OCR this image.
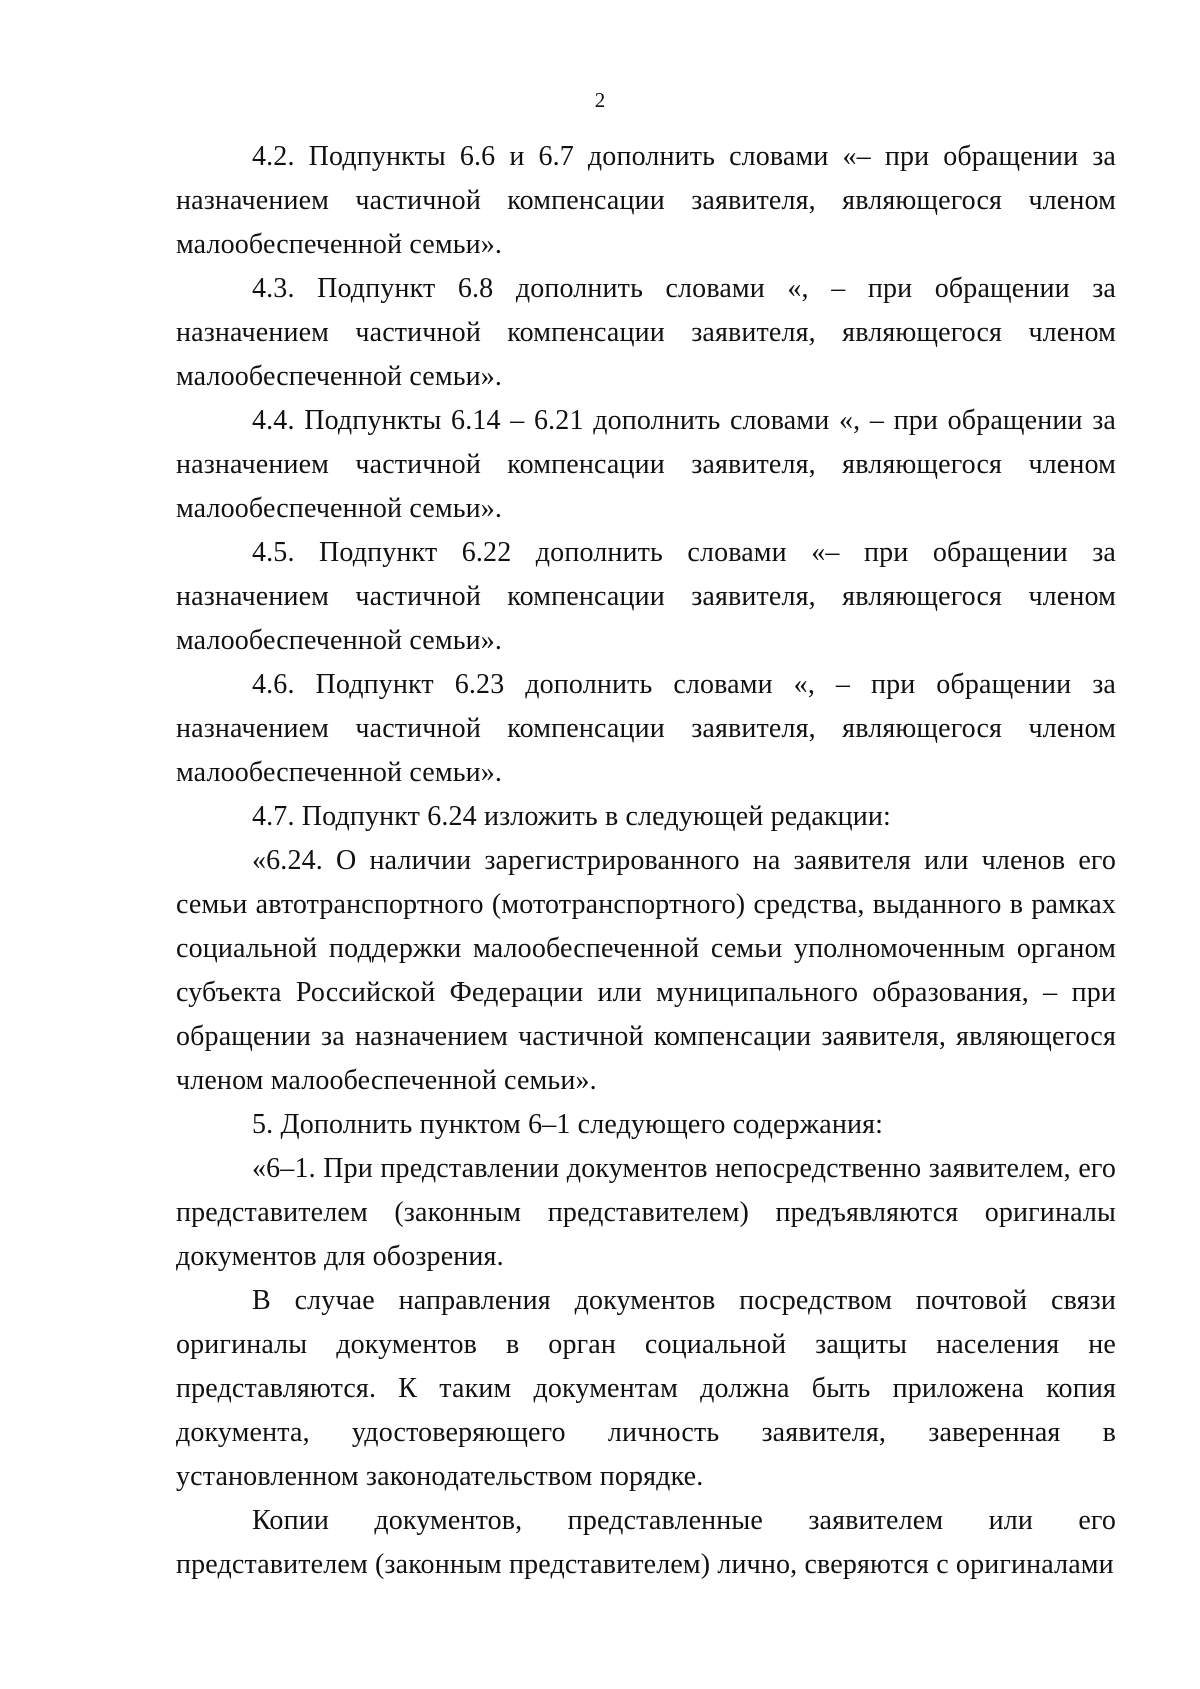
2

4.2. Подпункты 6.6 и 6.7 дополнить словами «– при обращении за назначением частичной компенсации заявителя, являющегося членом малообеспеченной семьи».

4.3. Подпункт 6.8 дополнить словами «, – при обращении за назначением частичной компенсации заявителя, являющегося членом малообеспеченной семьи».

4.4. Подпункты 6.14 – 6.21 дополнить словами «, – при обращении за назначением частичной компенсации заявителя, являющегося членом малообеспеченной семьи».

4.5. Подпункт 6.22 дополнить словами «– при обращении за назначением частичной компенсации заявителя, являющегося членом малообеспеченной семьи».

4.6. Подпункт 6.23 дополнить словами «, – при обращении за назначением частичной компенсации заявителя, являющегося членом малообеспеченной семьи».

4.7. Подпункт 6.24 изложить в следующей редакции:

«6.24. О наличии зарегистрированного на заявителя или членов его семьи автотранспортного (мототранспортного) средства, выданного в рамках социальной поддержки малообеспеченной семьи уполномоченным органом субъекта Российской Федерации или муниципального образования, – при обращении за назначением частичной компенсации заявителя, являющегося членом малообеспеченной семьи».

5. Дополнить пунктом 6–1 следующего содержания:

«6–1. При представлении документов непосредственно заявителем, его представителем (законным представителем) предъявляются оригиналы документов для обозрения.

В случае направления документов посредством почтовой связи оригиналы документов в орган социальной защиты населения не представляются. К таким документам должна быть приложена копия документа, удостоверяющего личность заявителя, заверенная в установленном законодательством порядке.

Копии документов, представленные заявителем или его представителем (законным представителем) лично, сверяются с оригиналами
